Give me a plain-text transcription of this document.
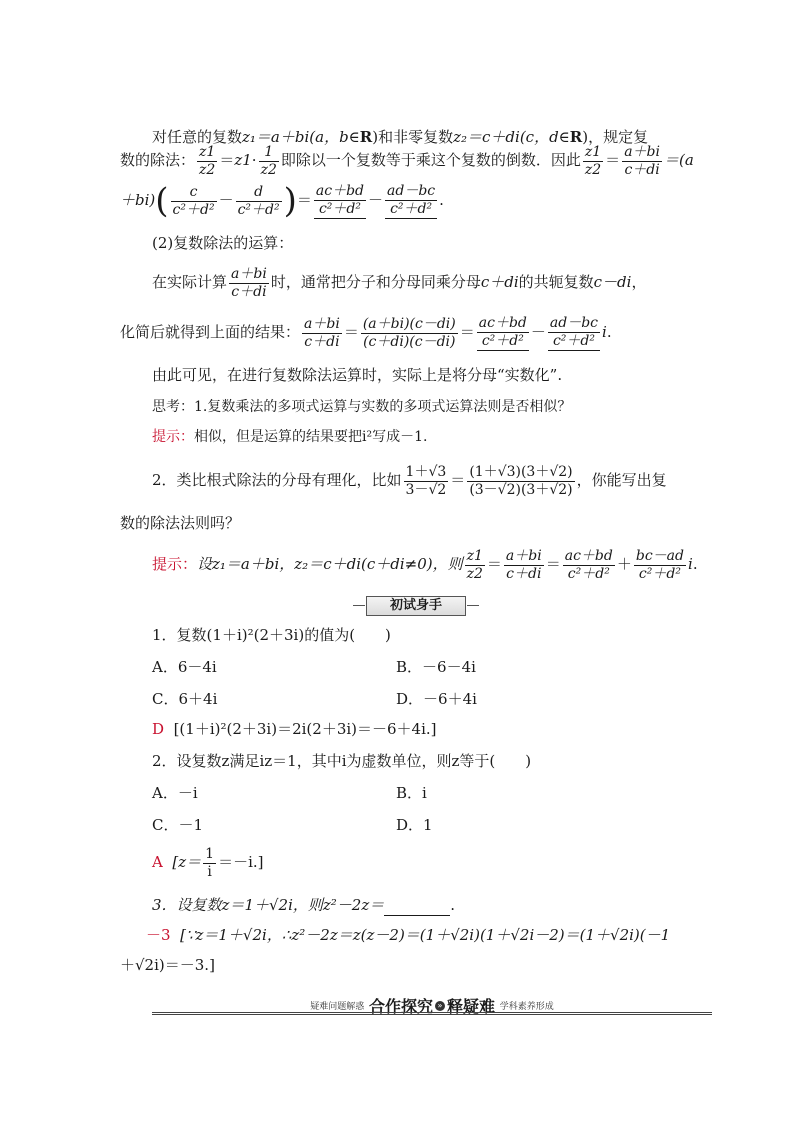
对任意的复数z₁＝a＋bi(a，b∈R)和非零复数z₂＝c＋di(c，d∈R)，规定复
数的除法： $\frac{z1}{z2} =z1\cdot \frac{1}{z2}$ 即除以一个复数等于乘这个复数的倒数．因此 $\frac{z1}{z2} = \frac{a+bi}{c+di} =(a$
$+bi)( \frac{c}{\text{c²＋d²}} - \frac{d}{\text{c²＋d²}}$ )＝ $\frac{ac+bd}{\text{c²＋d²}} - \frac{ad-bc}{\text{c²＋d²}}$ .
(2)复数除法的运算：
在实际计算 $\frac{a+bi}{c+di}$ 时，通常把分子和分母同乘分母c＋di的共轭复数c－di，
化简后就得到上面的结果： $\frac{a+bi}{c+di} = \frac{(a+bi)(c-di)}{(c+di)(c-di)} = \frac{ac+bd}{\text{c²＋d²}} - \frac{ad-bc}{\text{c²＋d²}} i$.
由此可见，在进行复数除法运算时，实际上是将分母“实数化”.
思考：1.复数乘法的多项式运算与实数的多项式运算法则是否相似？
提示：相似，但是运算的结果要把i²写成－1.
2．类比根式除法的分母有理化，比如 $\frac{1+√3}{3-√2} = \frac{(1+√3)(3+√2)}{(3-√2)(3+√2)}$ ，你能写出复
数的除法法则吗？
提示：设z₁＝a＋bi，z₂＝c＋di(c＋di≠0)，则 $\frac{z1}{z2} = \frac{a+bi}{c+di} = \frac{ac+bd}{\text{c²＋d²}} + \frac{bc-ad}{\text{c²＋d²}} i$.
初试身手
1．复数(1＋i)²(2＋3i)的值为(　　)
A．6－4i	B．－6－4i
C．6＋4i	D．－6＋4i
D [(1＋i)²(2＋3i)＝2i(2＋3i)＝－6＋4i.]
2．设复数z满足iz＝1，其中i为虚数单位，则z等于(　　)
A．－i	B．i
C．－1	D．1
A $[z= \frac{1}{i} =-i.]$
3．设复数z＝1＋√2i，则z²－2z＝	.
－3 [∵z＝1＋√2i，∴z²－2z＝z(z－2)＝(1＋√2i)(1＋√2i－2)＝(1＋√2i)(－1
＋√2i)＝－3.]
疑难问题解惑 合作探究 » 释疑难 学科素养形成
